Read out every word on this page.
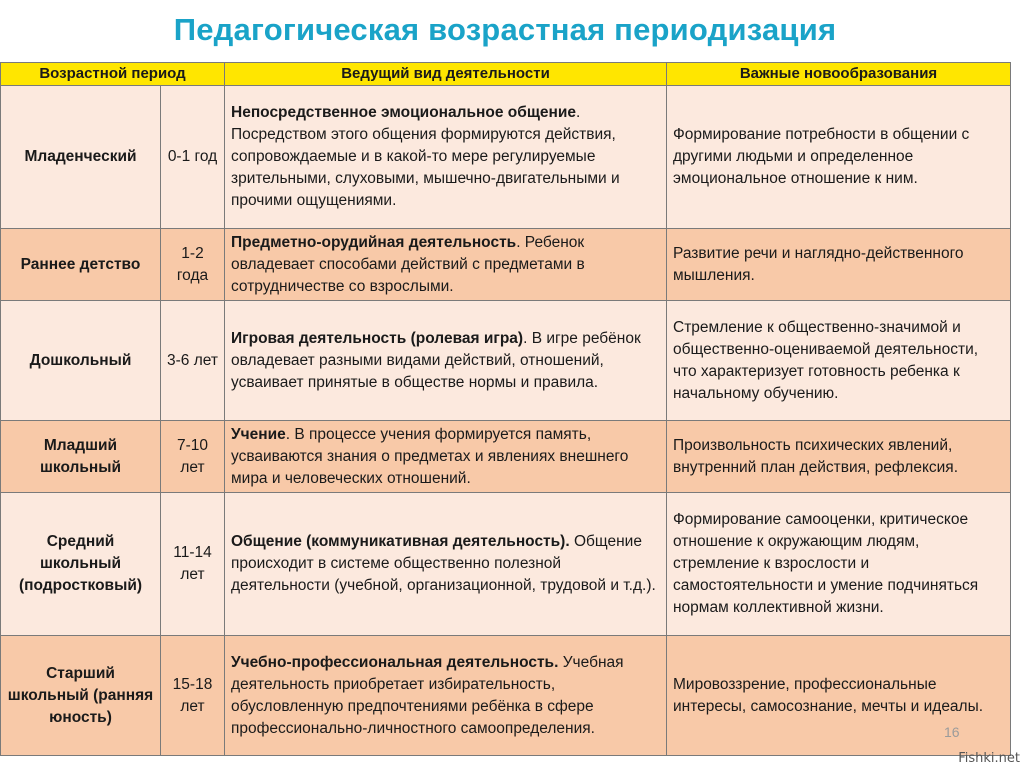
Педагогическая возрастная периодизация
Возрастной период		Ведущий вид деятельности	Важные новообразования
Младенческий	0-1 год	Непосредственное эмоциональное общение. Посредством этого общения формируются действия, сопровождаемые и в какой-то мере регулируемые зрительными, слуховыми, мышечно-двигательными и прочими ощущениями.	Формирование потребности в общении с другими людьми и определенное эмоциональное отношение к ним.
Раннее детство	1-2 года	Предметно-орудийная деятельность. Ребенок овладевает способами действий с предметами в сотрудничестве со взрослыми.	Развитие речи и наглядно-действенного мышления.
Дошкольный	3-6 лет	Игровая деятельность (ролевая игра). В игре ребёнок овладевает разными видами действий, отношений, усваивает принятые в обществе нормы и правила.	Стремление к общественно-значимой и общественно-оцениваемой деятельности, что характеризует готовность ребенка к начальному обучению.
Младший школьный	7-10 лет	Учение. В процессе учения формируется память, усваиваются знания о предметах и явлениях внешнего мира и человеческих отношений.	Произвольность психических явлений, внутренний план действия, рефлексия.
Средний школьный (подростковый)	11-14 лет	Общение (коммуникативная деятельность). Общение происходит в системе общественно полезной деятельности (учебной, организационной, трудовой и т.д.).	Формирование самооценки, критическое отношение к окружающим людям, стремление к взрослости и самостоятельности и умение подчиняться нормам коллективной жизни.
Старший школьный (ранняя юность)	15-18 лет	Учебно-профессиональная деятельность. Учебная деятельность приобретает избирательность, обусловленную предпочтениями ребёнка в сфере профессионально-личностного самоопределения.	Мировоззрение, профессиональные интересы, самосознание, мечты и идеалы.
16
Fishki.net
